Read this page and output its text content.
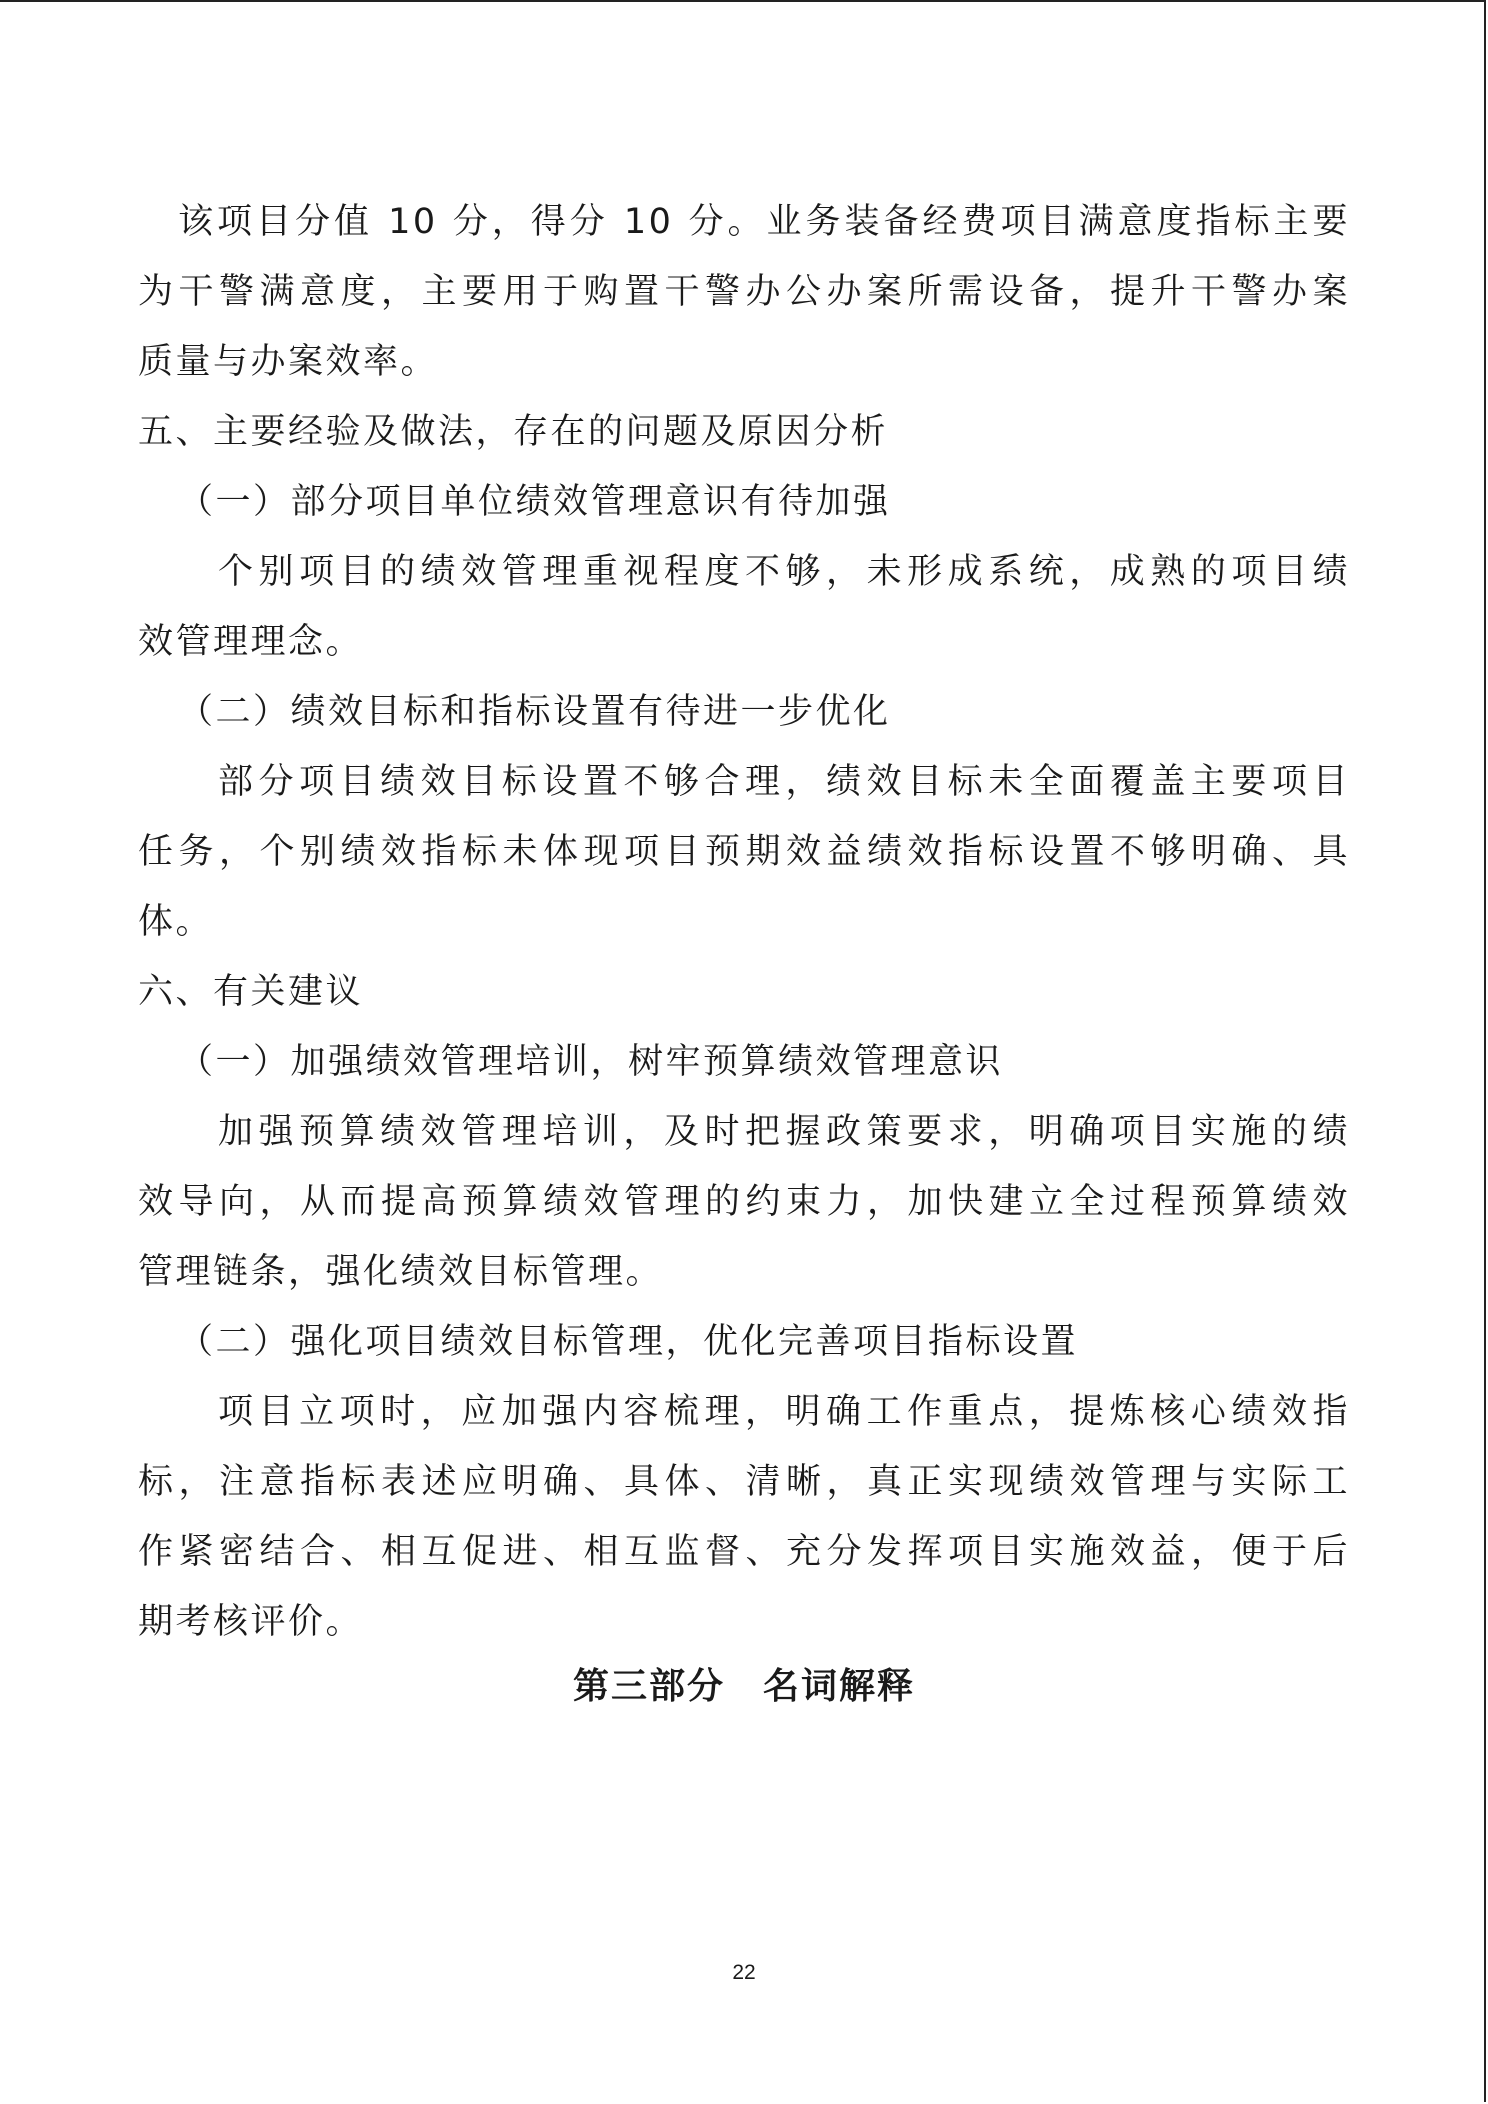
该项目分值 10 分，得分 10 分。业务装备经费项目满意度指标主要
为干警满意度，主要用于购置干警办公办案所需设备，提升干警办案
质量与办案效率。
五、主要经验及做法，存在的问题及原因分析
（一）部分项目单位绩效管理意识有待加强
个别项目的绩效管理重视程度不够，未形成系统，成熟的项目绩
效管理理念。
（二）绩效目标和指标设置有待进一步优化
部分项目绩效目标设置不够合理，绩效目标未全面覆盖主要项目
任务，个别绩效指标未体现项目预期效益绩效指标设置不够明确、具
体。
六、有关建议
（一）加强绩效管理培训，树牢预算绩效管理意识
加强预算绩效管理培训，及时把握政策要求，明确项目实施的绩
效导向，从而提高预算绩效管理的约束力，加快建立全过程预算绩效
管理链条，强化绩效目标管理。
（二）强化项目绩效目标管理，优化完善项目指标设置
项目立项时，应加强内容梳理，明确工作重点，提炼核心绩效指
标，注意指标表述应明确、具体、清晰，真正实现绩效管理与实际工
作紧密结合、相互促进、相互监督、充分发挥项目实施效益，便于后
期考核评价。
第三部分　名词解释
22
